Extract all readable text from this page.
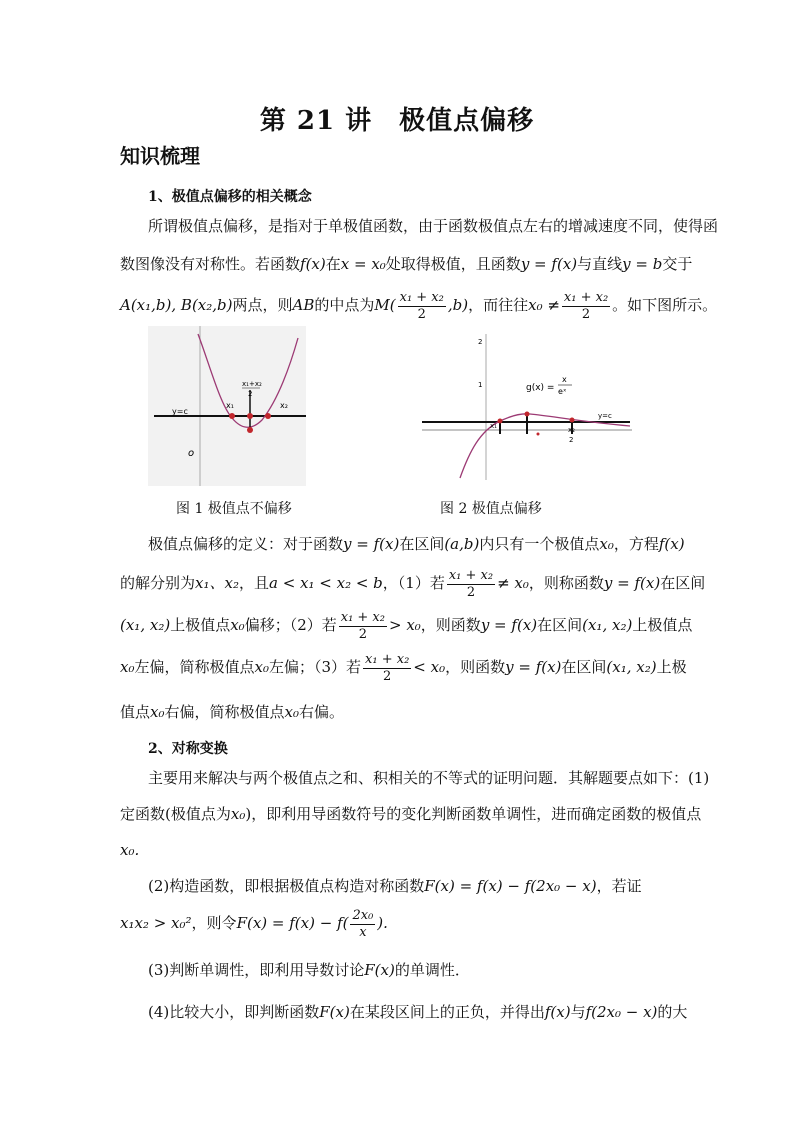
第 21 讲　极值点偏移
知识梳理
1、极值点偏移的相关概念
所谓极值点偏移，是指对于单极值函数，由于函数极值点左右的增减速度不同，使得函
数图像没有对称性。若函数f(x)在x = x₀处取得极值，且函数y = f(x)与直线y = b交于
A(x₁,b), B(x₂,b)两点，则AB的中点为$M( \frac{\text{x₁ + x₂}}{2} ,b)$，而往往$x_0 \ne \frac{\text{x₁ + x₂}}{2}$ 。如下图所示。
y=c
o
x₁	x₂
x₁+x₂
2
2
1	g(x) =
x
eˣ
y=c
x₁	x₂
2
图 1 极值点不偏移	图 2 极值点偏移
极值点偏移的定义：对于函数y = f(x)在区间(a,b)内只有一个极值点x₀，方程f(x)
的解分别为x₁、x₂，且a < x₁ < x₂ < b，（1）若 $\frac{\text{x₁ + x₂}}{2} \ne x_0$，则称函数y = f(x)在区间
(x₁, x₂)上极值点x₀偏移；（2）若 $\frac{\text{x₁ + x₂}}{2} > x_0$，则函数y = f(x)在区间(x₁, x₂)上极值点
x₀左偏，简称极值点x₀左偏；（3）若 $\frac{\text{x₁ + x₂}}{2} < x_0$，则函数y = f(x)在区间(x₁, x₂)上极
值点x₀右偏，简称极值点x₀右偏。
2、对称变换
主要用来解决与两个极值点之和、积相关的不等式的证明问题．其解题要点如下：(1)
定函数(极值点为x₀)，即利用导函数符号的变化判断函数单调性，进而确定函数的极值点
x₀.
(2)构造函数，即根据极值点构造对称函数F(x) = f(x) − f(2x₀ − x)，若证
x₁x₂ > x₀²，则令$F(x) = f(x) - f( \frac{\text{2x₀}}{x}$ ).
(3)判断单调性，即利用导数讨论F(x)的单调性．
(4)比较大小，即判断函数F(x)在某段区间上的正负，并得出f(x)与f(2x₀ − x)的大
